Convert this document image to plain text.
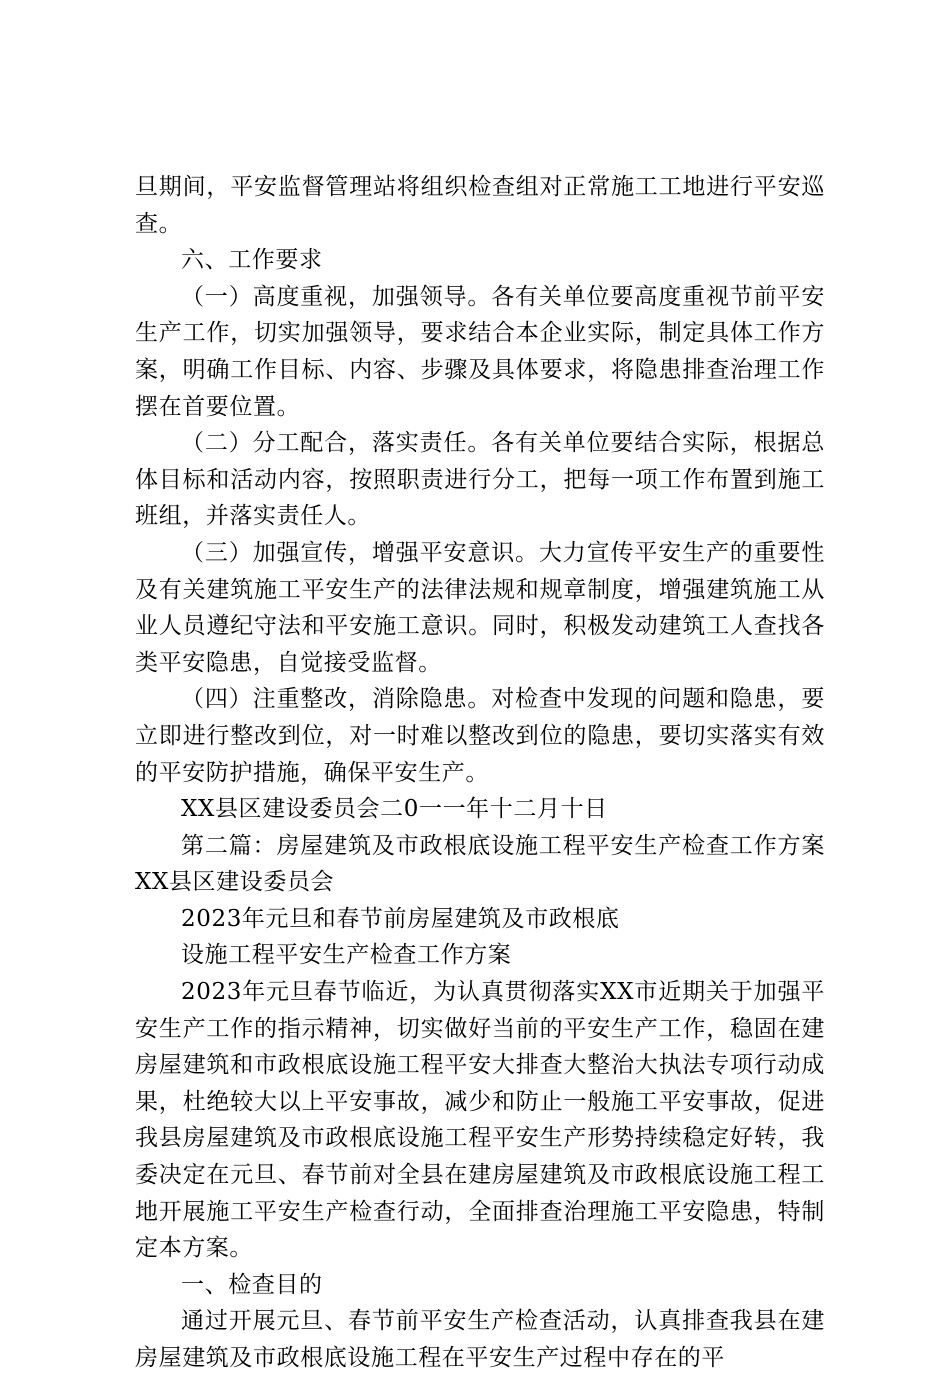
旦期间，平安监督管理站将组织检查组对正常施工工地进行平安巡查。

六、工作要求

（一）高度重视，加强领导。各有关单位要高度重视节前平安生产工作，切实加强领导，要求结合本企业实际，制定具体工作方案，明确工作目标、内容、步骤及具体要求，将隐患排查治理工作摆在首要位置。

（二）分工配合，落实责任。各有关单位要结合实际，根据总体目标和活动内容，按照职责进行分工，把每一项工作布置到施工班组，并落实责任人。

（三）加强宣传，增强平安意识。大力宣传平安生产的重要性及有关建筑施工平安生产的法律法规和规章制度，增强建筑施工从业人员遵纪守法和平安施工意识。同时，积极发动建筑工人查找各类平安隐患，自觉接受监督。

（四）注重整改，消除隐患。对检查中发现的问题和隐患，要立即进行整改到位，对一时难以整改到位的隐患，要切实落实有效的平安防护措施，确保平安生产。

XX县区建设委员会二0一一年十二月十日

第二篇：房屋建筑及市政根底设施工程平安生产检查工作方案XX县区建设委员会

2023年元旦和春节前房屋建筑及市政根底

设施工程平安生产检查工作方案

2023年元旦春节临近，为认真贯彻落实XX市近期关于加强平安生产工作的指示精神，切实做好当前的平安生产工作，稳固在建房屋建筑和市政根底设施工程平安大排查大整治大执法专项行动成果，杜绝较大以上平安事故，减少和防止一般施工平安事故，促进我县房屋建筑及市政根底设施工程平安生产形势持续稳定好转，我委决定在元旦、春节前对全县在建房屋建筑及市政根底设施工程工地开展施工平安生产检查行动，全面排查治理施工平安隐患，特制定本方案。

一、检查目的

通过开展元旦、春节前平安生产检查活动，认真排查我县在建房屋建筑及市政根底设施工程在平安生产过程中存在的平
